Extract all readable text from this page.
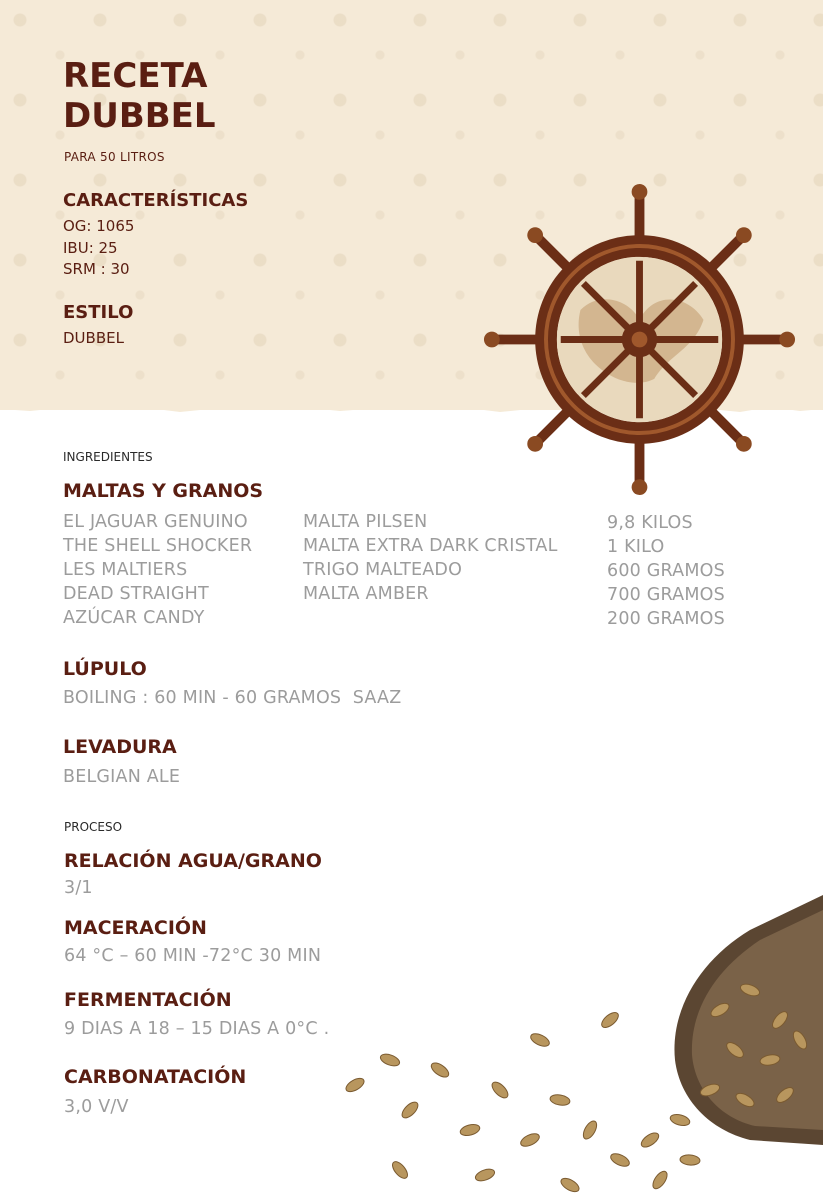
RECETA
DUBBEL
PARA 50 LITROS
CARACTERÍSTICAS
OG: 1065
IBU: 25
SRM : 30
ESTILO
DUBBEL
INGREDIENTES
MALTAS Y GRANOS
EL JAGUAR GENUINO
THE SHELL SHOCKER
LES MALTIERS
DEAD STRAIGHT
AZÚCAR CANDY
MALTA PILSEN
MALTA EXTRA DARK CRISTAL
TRIGO MALTEADO
MALTA AMBER
9,8 KILOS
1 KILO
600 GRAMOS
700 GRAMOS
200 GRAMOS
LÚPULO
BOILING : 60 MIN - 60 GRAMOS  SAAZ
LEVADURA
BELGIAN ALE
PROCESO
RELACIÓN AGUA/GRANO
3/1
MACERACIÓN
64 °C – 60 MIN -72°C 30 MIN
FERMENTACIÓN
9 DIAS A 18 – 15 DIAS A 0°C .
CARBONATACIÓN
3,0 V/V
